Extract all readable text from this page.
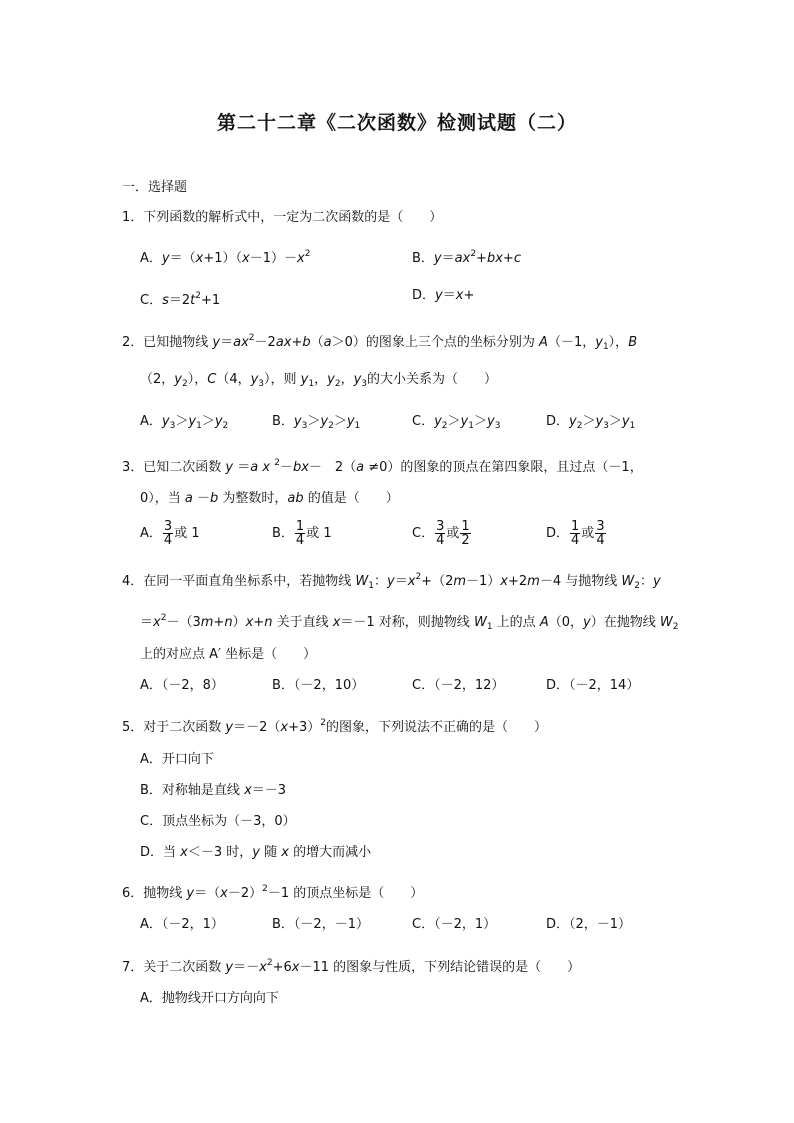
第二十二章《二次函数》检测试题（二）
一．选择题
1．下列函数的解析式中，一定为二次函数的是（　　）
A．$y=(x+1)(x-1)-x^2$	B．$y=ax^2+bx+c$
C．$s=2t^2+1$	D．y＝x+
2．已知抛物线 $y=ax^2-2ax+b(a>0)$的图象上三个点的坐标分别为 A（－1，$y_1$），B
（2，$y_2$），C（4，$y_3$），则 $y_1$，$y_2$，$y_3$的大小关系为（　　）
A．$y_3>y_1>y_2$	B．$y_3>y_2>y_1$	C．$y_2>y_1>y_3$	D．$y_2>y_3>y_1$
3．已知二次函数 y ＝a x $^2$－bx－　2（a ≠0）的图象的顶点在第四象限，且过点（－1，
0），当 a －b 为整数时，ab 的值是（　　）
A． $\frac{3}{4}$ 或 1	B． $\frac{1}{4}$ 或 1	C． $\frac{3}{4}$ 或 $\frac{1}{2}$	D． $\frac{1}{4}$ 或 $\frac{3}{4}$
4．在同一平面直角坐标系中，若抛物线 $W_1$：$y=x^2+(2m-1)x+2m-4$ 与抛物线 $W_2$：y
$=x^2-(3m+n)x+n$ 关于直线 x＝－1 对称，则抛物线 $W_1$ 上的点 A（0，y）在抛物线 $W_2$
上的对应点 A′ 坐标是（　　）
A．（－2，8）	B．（－2，10）	C．（－2，12）	D．（－2，14）
5．对于二次函数 $y=-2(x+3)^2$的图象，下列说法不正确的是（　　）
A．开口向下
B．对称轴是直线 x＝－3
C．顶点坐标为（－3，0）
D．当 x＜－3 时，y 随 x 的增大而减小
6．抛物线 $y=(x-2)^2-1$ 的顶点坐标是（　　）
A．（－2，1）	B．（－2，－1）	C．（－2，1）	D．（2，－1）
7．关于二次函数 $y=-x^2+6x-11$ 的图象与性质，下列结论错误的是（　　）
A．抛物线开口方向向下
